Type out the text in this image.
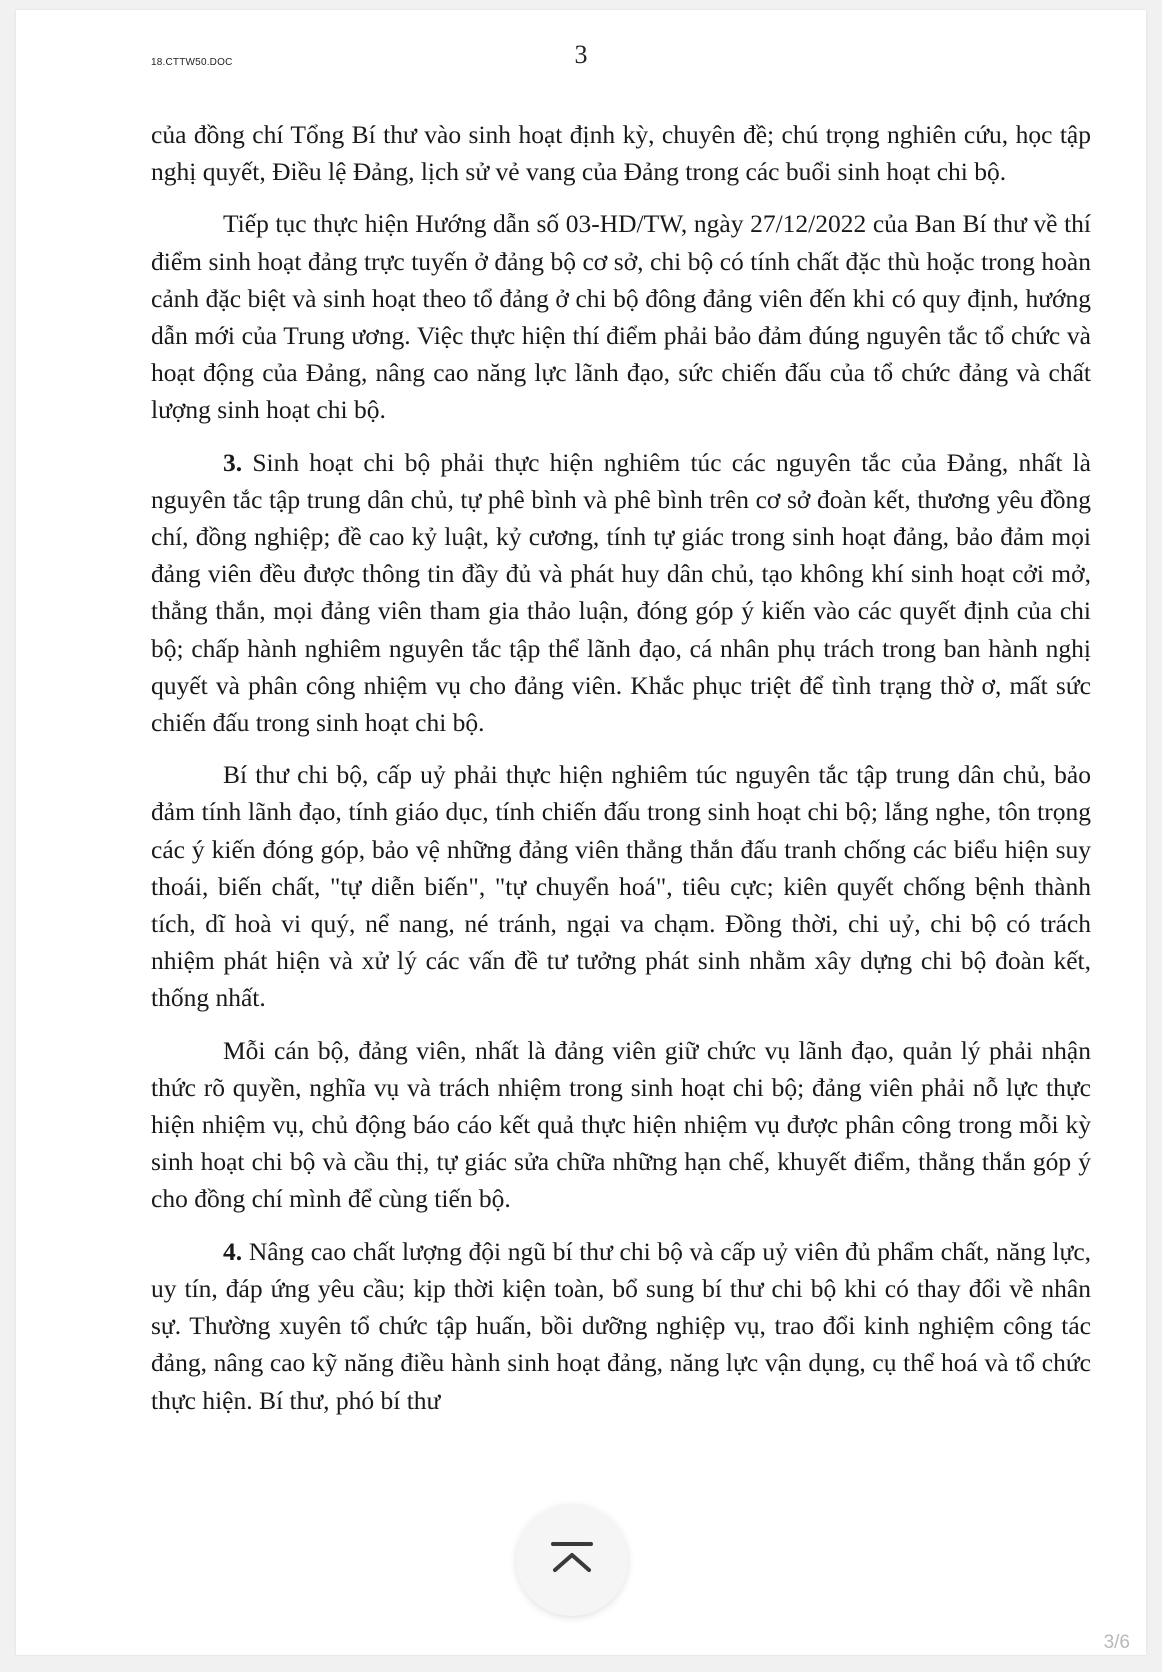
18.CTTW50.DOC	3

của đồng chí Tổng Bí thư vào sinh hoạt định kỳ, chuyên đề; chú trọng nghiên cứu, học tập nghị quyết, Điều lệ Đảng, lịch sử vẻ vang của Đảng trong các buổi sinh hoạt chi bộ.

Tiếp tục thực hiện Hướng dẫn số 03-HD/TW, ngày 27/12/2022 của Ban Bí thư về thí điểm sinh hoạt đảng trực tuyến ở đảng bộ cơ sở, chi bộ có tính chất đặc thù hoặc trong hoàn cảnh đặc biệt và sinh hoạt theo tổ đảng ở chi bộ đông đảng viên đến khi có quy định, hướng dẫn mới của Trung ương. Việc thực hiện thí điểm phải bảo đảm đúng nguyên tắc tổ chức và hoạt động của Đảng, nâng cao năng lực lãnh đạo, sức chiến đấu của tổ chức đảng và chất lượng sinh hoạt chi bộ.

3. Sinh hoạt chi bộ phải thực hiện nghiêm túc các nguyên tắc của Đảng, nhất là nguyên tắc tập trung dân chủ, tự phê bình và phê bình trên cơ sở đoàn kết, thương yêu đồng chí, đồng nghiệp; đề cao kỷ luật, kỷ cương, tính tự giác trong sinh hoạt đảng, bảo đảm mọi đảng viên đều được thông tin đầy đủ và phát huy dân chủ, tạo không khí sinh hoạt cởi mở, thẳng thắn, mọi đảng viên tham gia thảo luận, đóng góp ý kiến vào các quyết định của chi bộ; chấp hành nghiêm nguyên tắc tập thể lãnh đạo, cá nhân phụ trách trong ban hành nghị quyết và phân công nhiệm vụ cho đảng viên. Khắc phục triệt để tình trạng thờ ơ, mất sức chiến đấu trong sinh hoạt chi bộ.

Bí thư chi bộ, cấp uỷ phải thực hiện nghiêm túc nguyên tắc tập trung dân chủ, bảo đảm tính lãnh đạo, tính giáo dục, tính chiến đấu trong sinh hoạt chi bộ; lắng nghe, tôn trọng các ý kiến đóng góp, bảo vệ những đảng viên thẳng thắn đấu tranh chống các biểu hiện suy thoái, biến chất, "tự diễn biến", "tự chuyển hoá", tiêu cực; kiên quyết chống bệnh thành tích, dĩ hoà vi quý, nể nang, né tránh, ngại va chạm. Đồng thời, chi uỷ, chi bộ có trách nhiệm phát hiện và xử lý các vấn đề tư tưởng phát sinh nhằm xây dựng chi bộ đoàn kết, thống nhất.

Mỗi cán bộ, đảng viên, nhất là đảng viên giữ chức vụ lãnh đạo, quản lý phải nhận thức rõ quyền, nghĩa vụ và trách nhiệm trong sinh hoạt chi bộ; đảng viên phải nỗ lực thực hiện nhiệm vụ, chủ động báo cáo kết quả thực hiện nhiệm vụ được phân công trong mỗi kỳ sinh hoạt chi bộ và cầu thị, tự giác sửa chữa những hạn chế, khuyết điểm, thẳng thắn góp ý cho đồng chí mình để cùng tiến bộ.

4. Nâng cao chất lượng đội ngũ bí thư chi bộ và cấp uỷ viên đủ phẩm chất, năng lực, uy tín, đáp ứng yêu cầu; kịp thời kiện toàn, bổ sung bí thư chi bộ khi có thay đổi về nhân sự. Thường xuyên tổ chức tập huấn, bồi dưỡng nghiệp vụ, trao đổi kinh nghiệm công tác đảng, nâng cao kỹ năng điều hành sinh hoạt đảng, năng lực vận dụng, cụ thể hoá và tổ chức thực hiện. Bí thư, phó bí thư

3/6
